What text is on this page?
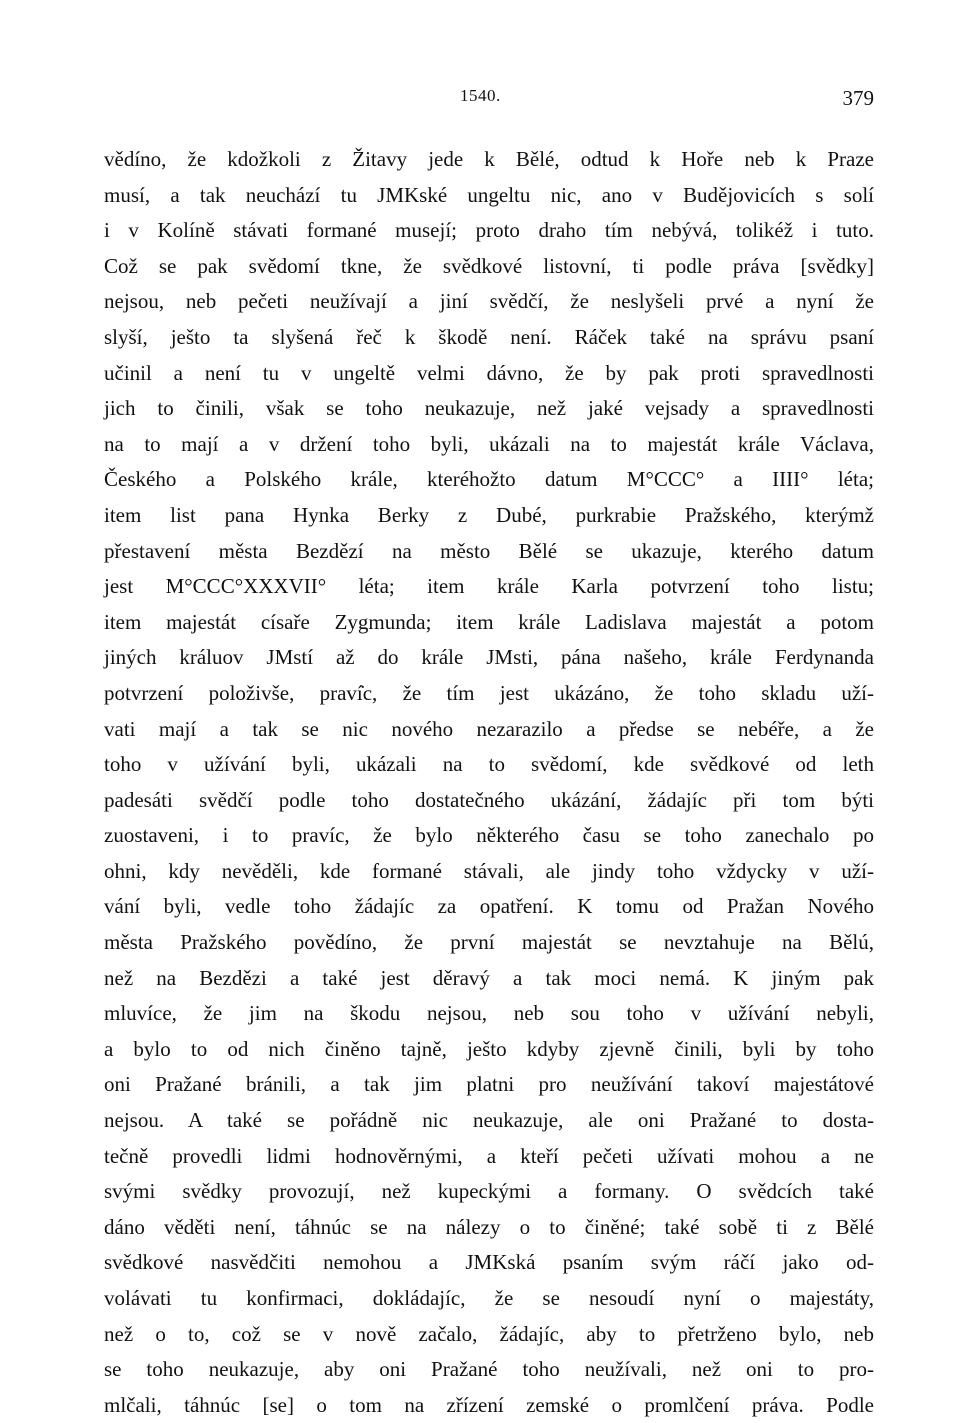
1540.	379
vědíno, že kdožkoli z Žitavy jede k Bělé, odtud k Hoře neb k Praze
musí, a tak neuchází tu JMKské ungeltu nic, ano v Budějovicích s solí
i v Kolíně stávati formané musejí; proto draho tím nebývá, tolikéž i tuto.
Což se pak svědomí tkne, že svědkové listovní, ti podle práva [svědky]
nejsou, neb pečeti neužívají a jiní svědčí, že neslyšeli prvé a nyní že
slyší, ješto ta slyšená řeč k škodě není. Ráček také na správu psaní
učinil a není tu v ungeltě velmi dávno, že by pak proti spravedlnosti
jich to činili, však se toho neukazuje, než jaké vejsady a spravedlnosti
na to mají a v držení toho byli, ukázali na to majestát krále Václava,
Českého a Polského krále, kteréhožto datum M°CCC° a IIII° léta;
item list pana Hynka Berky z Dubé, purkrabie Pražského, kterýmž
přestavení města Bezdězí na město Bělé se ukazuje, kterého datum
jest M°CCC°XXXVII° léta; item krále Karla potvrzení toho listu;
item majestát císaře Zygmunda; item krále Ladislava majestát a potom
jiných králuov JMstí až do krále JMsti, pána našeho, krále Ferdynanda
potvrzení položivše, praví̇c, že tím jest ukázáno, že toho skladu uží-
vati mají a tak se nic nového nezarazilo a předse se nebéře, a že
toho v užívání byli, ukázali na to svědomí, kde svědkové od leth
padesáti svědčí podle toho dostatečného ukázání, žádajíc při tom býti
zuostaveni, i to pravíc, že bylo některého času se toho zanechalo po
ohni, kdy nevěděli, kde formané stávali, ale jindy toho vždycky v uží-
vání byli, vedle toho žádajíc za opatření. K tomu od Pražan Nového
města Pražského povědíno, že první majestát se nevztahuje na Bělú,
než na Bezdězi a také jest děravý a tak moci nemá. K jiným pak
mluvíce, že jim na škodu nejsou, neb sou toho v užívání nebyli,
a bylo to od nich činěno tajně, ješto kdyby zjevně činili, byli by toho
oni Pražané bránili, a tak jim platni pro neužívání takoví majestátové
nejsou. A také se pořádně nic neukazuje, ale oni Pražané to dosta-
tečně provedli lidmi hodnověrnými, a kteří pečeti užívati mohou a ne
svými svědky provozují, než kupeckými a formany. O svědcích také
dáno věděti není, táhnúc se na nálezy o to činěné; také sobě ti z Bělé
svědkové nasvědčiti nemohou a JMKská psaním svým ráčí jako od-
volávati tu konfirmaci, dokládajíc, že se nesoudí nyní o majestáty,
než o to, což se v nově začalo, žádajíc, aby to přetrženo bylo, neb
se toho neukazuje, aby oni Pražané toho neužívali, než oni to pro-
mlčali, táhnúc [se] o tom na zřízení zemské o promlčení práva. Podle
